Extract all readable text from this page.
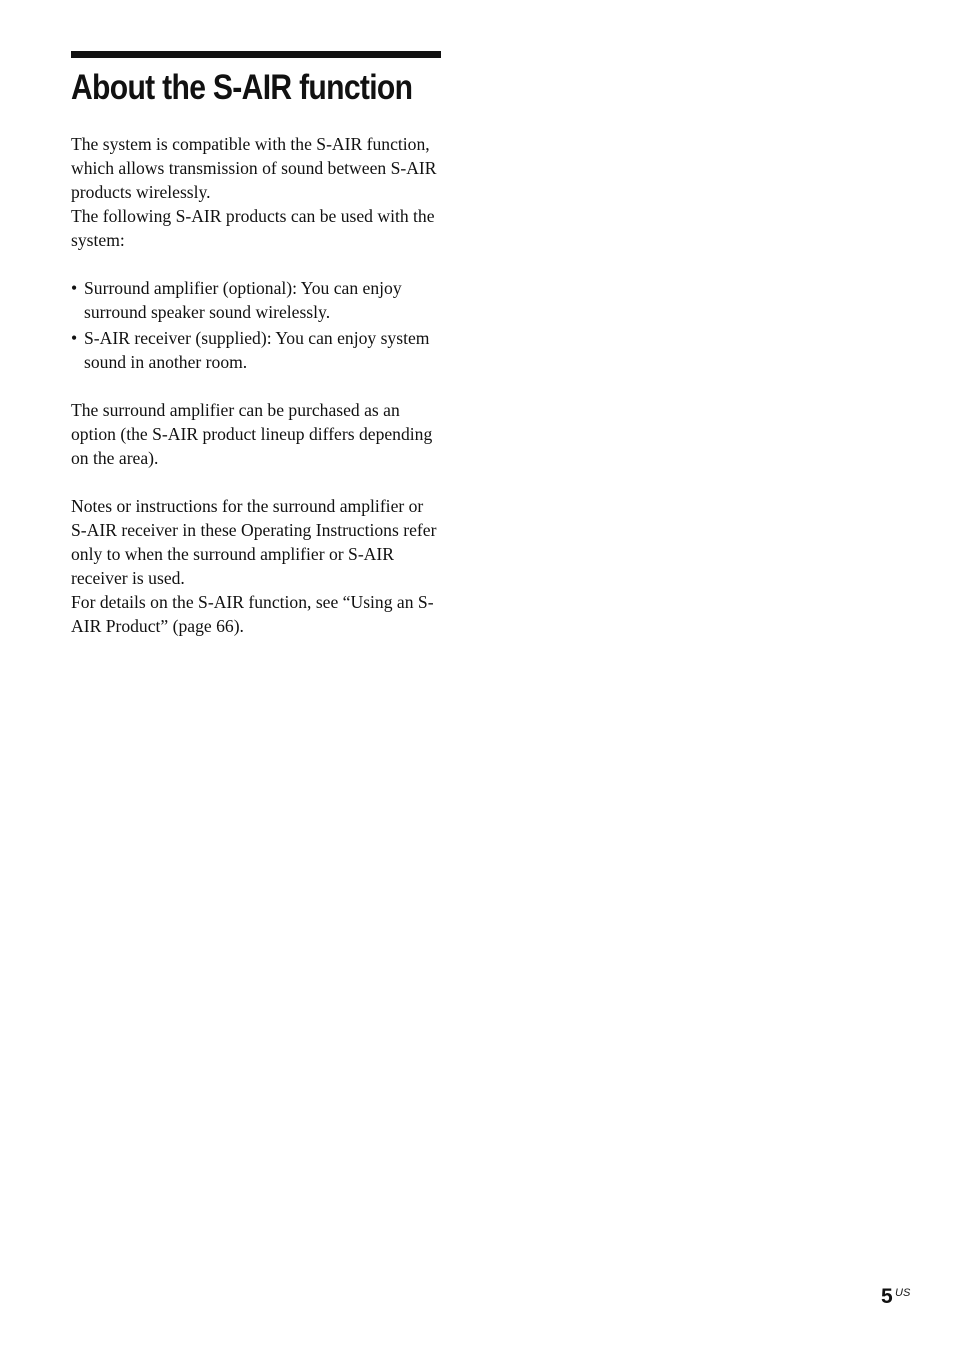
About the S-AIR function

The system is compatible with the S-AIR function, which allows transmission of sound between S-AIR products wirelessly.

The following S-AIR products can be used with the system:

• Surround amplifier (optional): You can enjoy surround speaker sound wirelessly.
• S-AIR receiver (supplied): You can enjoy system sound in another room.

The surround amplifier can be purchased as an option (the S-AIR product lineup differs depending on the area).

Notes or instructions for the surround amplifier or S-AIR receiver in these Operating Instructions refer only to when the surround amplifier or S-AIR receiver is used.

For details on the S-AIR function, see “Using an S-AIR Product” (page 66).

5 US
